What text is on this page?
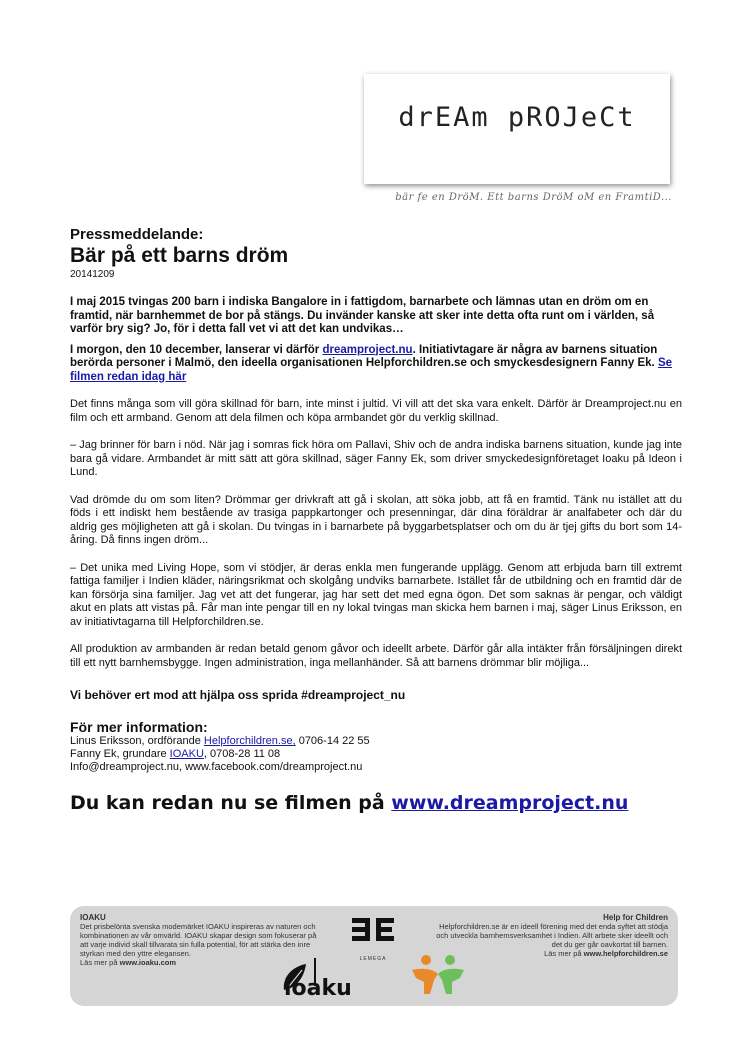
drEAm pROJeCt
bär fe en DröM. Ett barns DröM oM en FramtiD...

Pressmeddelande:

Bär på ett barns dröm

20141209

I maj 2015 tvingas 200 barn i indiska Bangalore in i fattigdom, barnarbete och lämnas utan en dröm om en framtid, när barnhemmet de bor på stängs. Du invänder kanske att sker inte detta ofta runt om i världen, så varför bry sig? Jo, för i detta fall vet vi att det kan undvikas…

I morgon, den 10 december, lanserar vi därför dreamproject.nu. Initiativtagare är några av barnens situation berörda personer i Malmö, den ideella organisationen Helpforchildren.se och smyckesdesignern Fanny Ek. Se filmen redan idag här

Det finns många som vill göra skillnad för barn, inte minst i jultid. Vi vill att det ska vara enkelt. Därför är Dreamproject.nu en film och ett armband. Genom att dela filmen och köpa armbandet gör du verklig skillnad.

– Jag brinner för barn i nöd. När jag i somras fick höra om Pallavi, Shiv och de andra indiska barnens situation, kunde jag inte bara gå vidare. Armbandet är mitt sätt att göra skillnad, säger Fanny Ek, som driver smyckedesignföretaget Ioaku på Ideon i Lund.

Vad drömde du om som liten? Drömmar ger drivkraft att gå i skolan, att söka jobb, att få en framtid. Tänk nu istället att du föds i ett indiskt hem bestående av trasiga pappkartonger och presenningar, där dina föräldrar är analfabeter och där du aldrig ges möjligheten att gå i skolan. Du tvingas in i barnarbete på byggarbetsplatser och om du är tjej gifts du bort som 14-åring. Då finns ingen dröm...

– Det unika med Living Hope, som vi stödjer, är deras enkla men fungerande upplägg. Genom att erbjuda barn till extremt fattiga familjer i Indien kläder, näringsrikmat och skolgång undviks barnarbete. Istället får de utbildning och en framtid där de kan försörja sina familjer. Jag vet att det fungerar, jag har sett det med egna ögon. Det som saknas är pengar, och väldigt akut en plats att vistas på. Får man inte pengar till en ny lokal tvingas man skicka hem barnen i maj, säger Linus Eriksson, en av initiativtagarna till Helpforchildren.se.

All produktion av armbanden är redan betald genom gåvor och ideellt arbete. Därför går alla intäkter från försäljningen direkt till ett nytt barnhemsbygge. Ingen administration, inga mellanhänder. Så att barnens drömmar blir möjliga...

Vi behöver ert mod att hjälpa oss sprida #dreamproject_nu

För mer information:

Linus Eriksson, ordförande Helpforchildren.se, 0706-14 22 55

Fanny Ek, grundare IOAKU, 0708-28 11 08

Info@dreamproject.nu, www.facebook.com/dreamproject.nu

Du kan redan nu se filmen på www.dreamproject.nu

IOAKU
Det prisbelönta svenska modemärket IOAKU inspireras av naturen och kombinationen av vår omvärld. IOAKU skapar design som fokuserar på att varje individ skall tillvarata sin fulla potential, för att stärka den inre styrkan med den yttre elegansen.
Läs mer på www.ioaku.com	LEMEGA
ioaku
Help for Children
Helpforchildren.se är en ideell förening med det enda syftet att stödja och utveckla barnhemsverksamhet i Indien. Allt arbete sker ideellt och det du ger går oavkortat till barnen.
Läs mer på www.helpforchildren.se
